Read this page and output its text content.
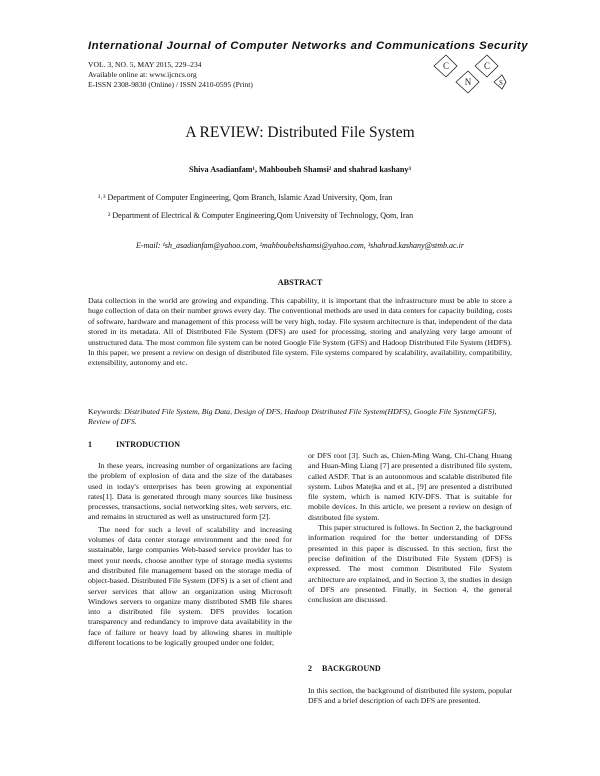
International Journal of Computer Networks and Communications Security
VOL. 3, NO. 5, MAY 2015, 229–234
Available online at: www.ijcncs.org
E-ISSN 2308-9830 (Online) / ISSN 2410-0595 (Print)
C
N
C
S
A REVIEW: Distributed File System
Shiva Asadianfam¹, Mahboubeh Shamsi² and shahrad kashany³
¹˒³ Department of Computer Engineering, Qom Branch, Islamic Azad University, Qom, Iran
² Department of Electrical & Computer Engineering,Qom University of Technology, Qom, Iran
E-mail: ¹sh_asadianfam@yahoo.com, ²mahboubehshamsi@yahoo.com, ³shahrad.kashany@stmb.ac.ir
ABSTRACT
Data collection in the world are growing and expanding. This capability, it is important that the infrastructure must be able to store a huge collection of data on their number grows every day. The conventional methods are used in data centers for capacity building, costs of software, hardware and management of this process will be very high, today. File system architecture is that, independent of the data stored in its metadata. All of Distributed File System (DFS) are used for processing, storing and analyzing very large amount of unstructured data. The most common file system can be noted Google File System (GFS) and Hadoop Distributed File System (HDFS). In this paper, we present a review on design of distributed file system. File systems compared by scalability, availability, compatibility, extensibility, autonomy and etc.
Keywords: Distributed File System, Big Data, Design of DFS, Hadoop Distributed File System(HDFS), Google File System(GFS), Review of DFS.
1	INTRODUCTION

In these years, increasing number of organizations are facing the problem of explosion of data and the size of the databases used in today's enterprises has been growing at exponential rates[1]. Data is generated through many sources like business processes, transactions, social networking sites, web servers, etc. and remains in structured as well as unstructured form [2].

The need for such a level of scalability and increasing volumes of data center storage environment and the need for sustainable, large companies Web-based service provider has to meet your needs, choose another type of storage media systems and distributed file management based on the storage media of object-based. Distributed File System (DFS) is a set of client and server services that allow an organization using Microsoft Windows servers to organize many distributed SMB file shares into a distributed file system. DFS provides location transparency and redundancy to improve data availability in the face of failure or heavy load by allowing shares in multiple different locations to be logically grouped under one folder,

or DFS root [3]. Such as, Chien-Ming Wang, Chi-Chang Huang and Huan-Ming Liang [7] are presented a distributed file system, called ASDF. That is an autonomous and scalable distributed file system. Lubos Matejka and et al., [9] are presented a distributed file system, which is named KIV-DFS. That is suitable for mobile devices. In this article, we present a review on design of distributed file system.

This paper structured is follows. In Section 2, the background information required for the better understanding of DFSs presented in this paper is discussed. In this section, first the precise definition of the Distributed File System (DFS) is expressed. The most common Distributed File System architecture are explained, and in Section 3, the studies in design of DFS are presented. Finally, in Section 4, the general conclusion are discussed.

2 BACKGROUND

In this section, the background of distributed file system, popular DFS and a brief description of each DFS are presented.
